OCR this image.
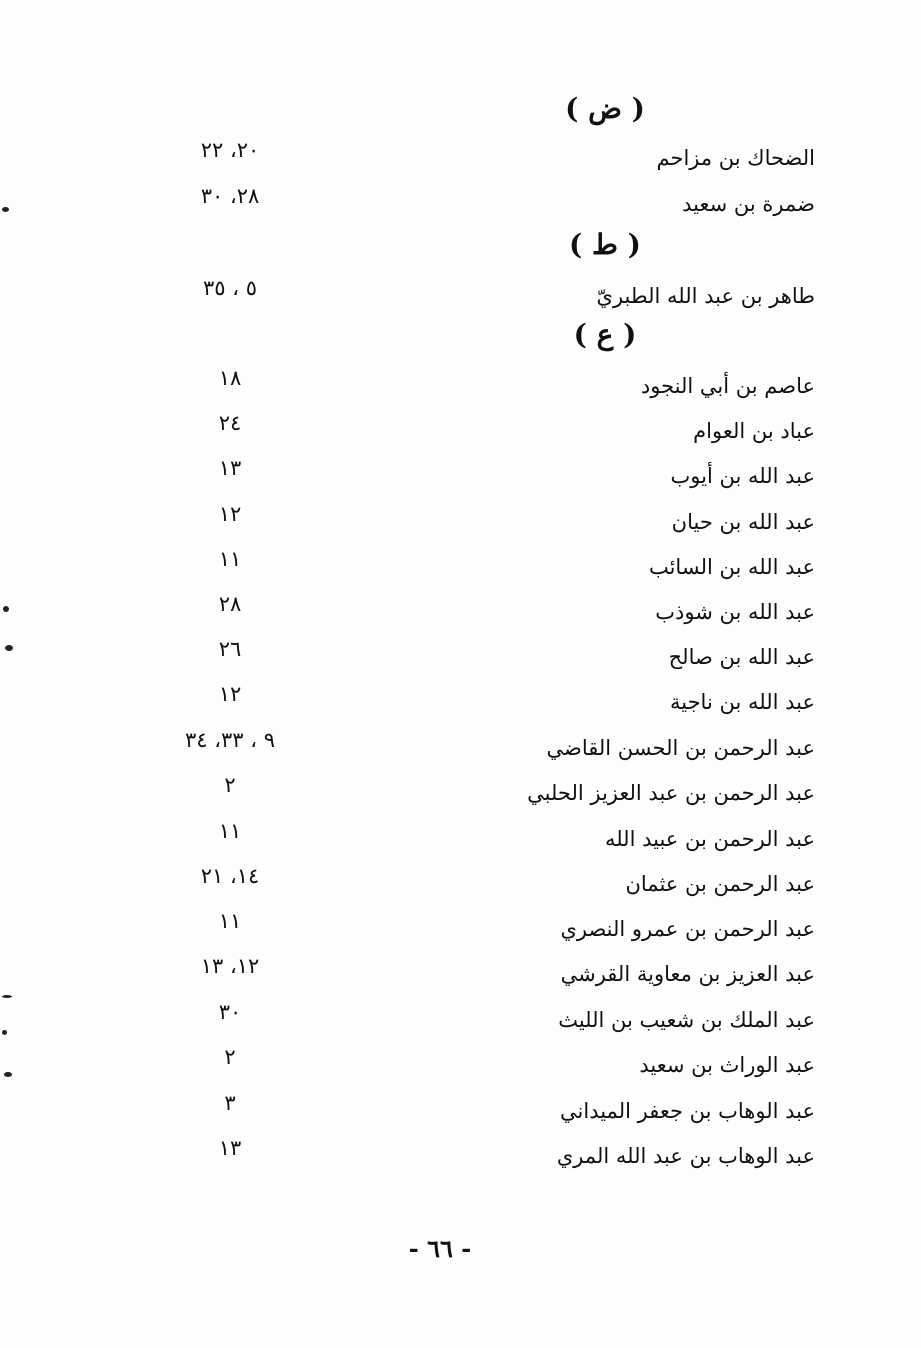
( ض )
الضحاك بن مزاحم
٢٠، ٢٢
ضمرة بن سعيد
٢٨، ٣٠
( ط )
طاهر بن عبد الله الطبريّ
٥ ، ٣٥
( ع )
عاصم بن أبي النجود
١٨
عباد بن العوام
٢٤
عبد الله بن أيوب
١٣
عبد الله بن حيان
١٢
عبد الله بن السائب
١١
عبد الله بن شوذب
٢٨
عبد الله بن صالح
٢٦
عبد الله بن ناجية
١٢
عبد الرحمن بن الحسن القاضي
٩ ، ٣٣، ٣٤
عبد الرحمن بن عبد العزيز الحلبي
٢
عبد الرحمن بن عبيد الله
١١
عبد الرحمن بن عثمان
١٤، ٢١
عبد الرحمن بن عمرو النصري
١١
عبد العزيز بن معاوية القرشي
١٢، ١٣
عبد الملك بن شعيب بن الليث
٣٠
عبد الوراث بن سعيد
٢
عبد الوهاب بن جعفر الميداني
٣
عبد الوهاب بن عبد الله المري
١٣
- ٦٦ -
